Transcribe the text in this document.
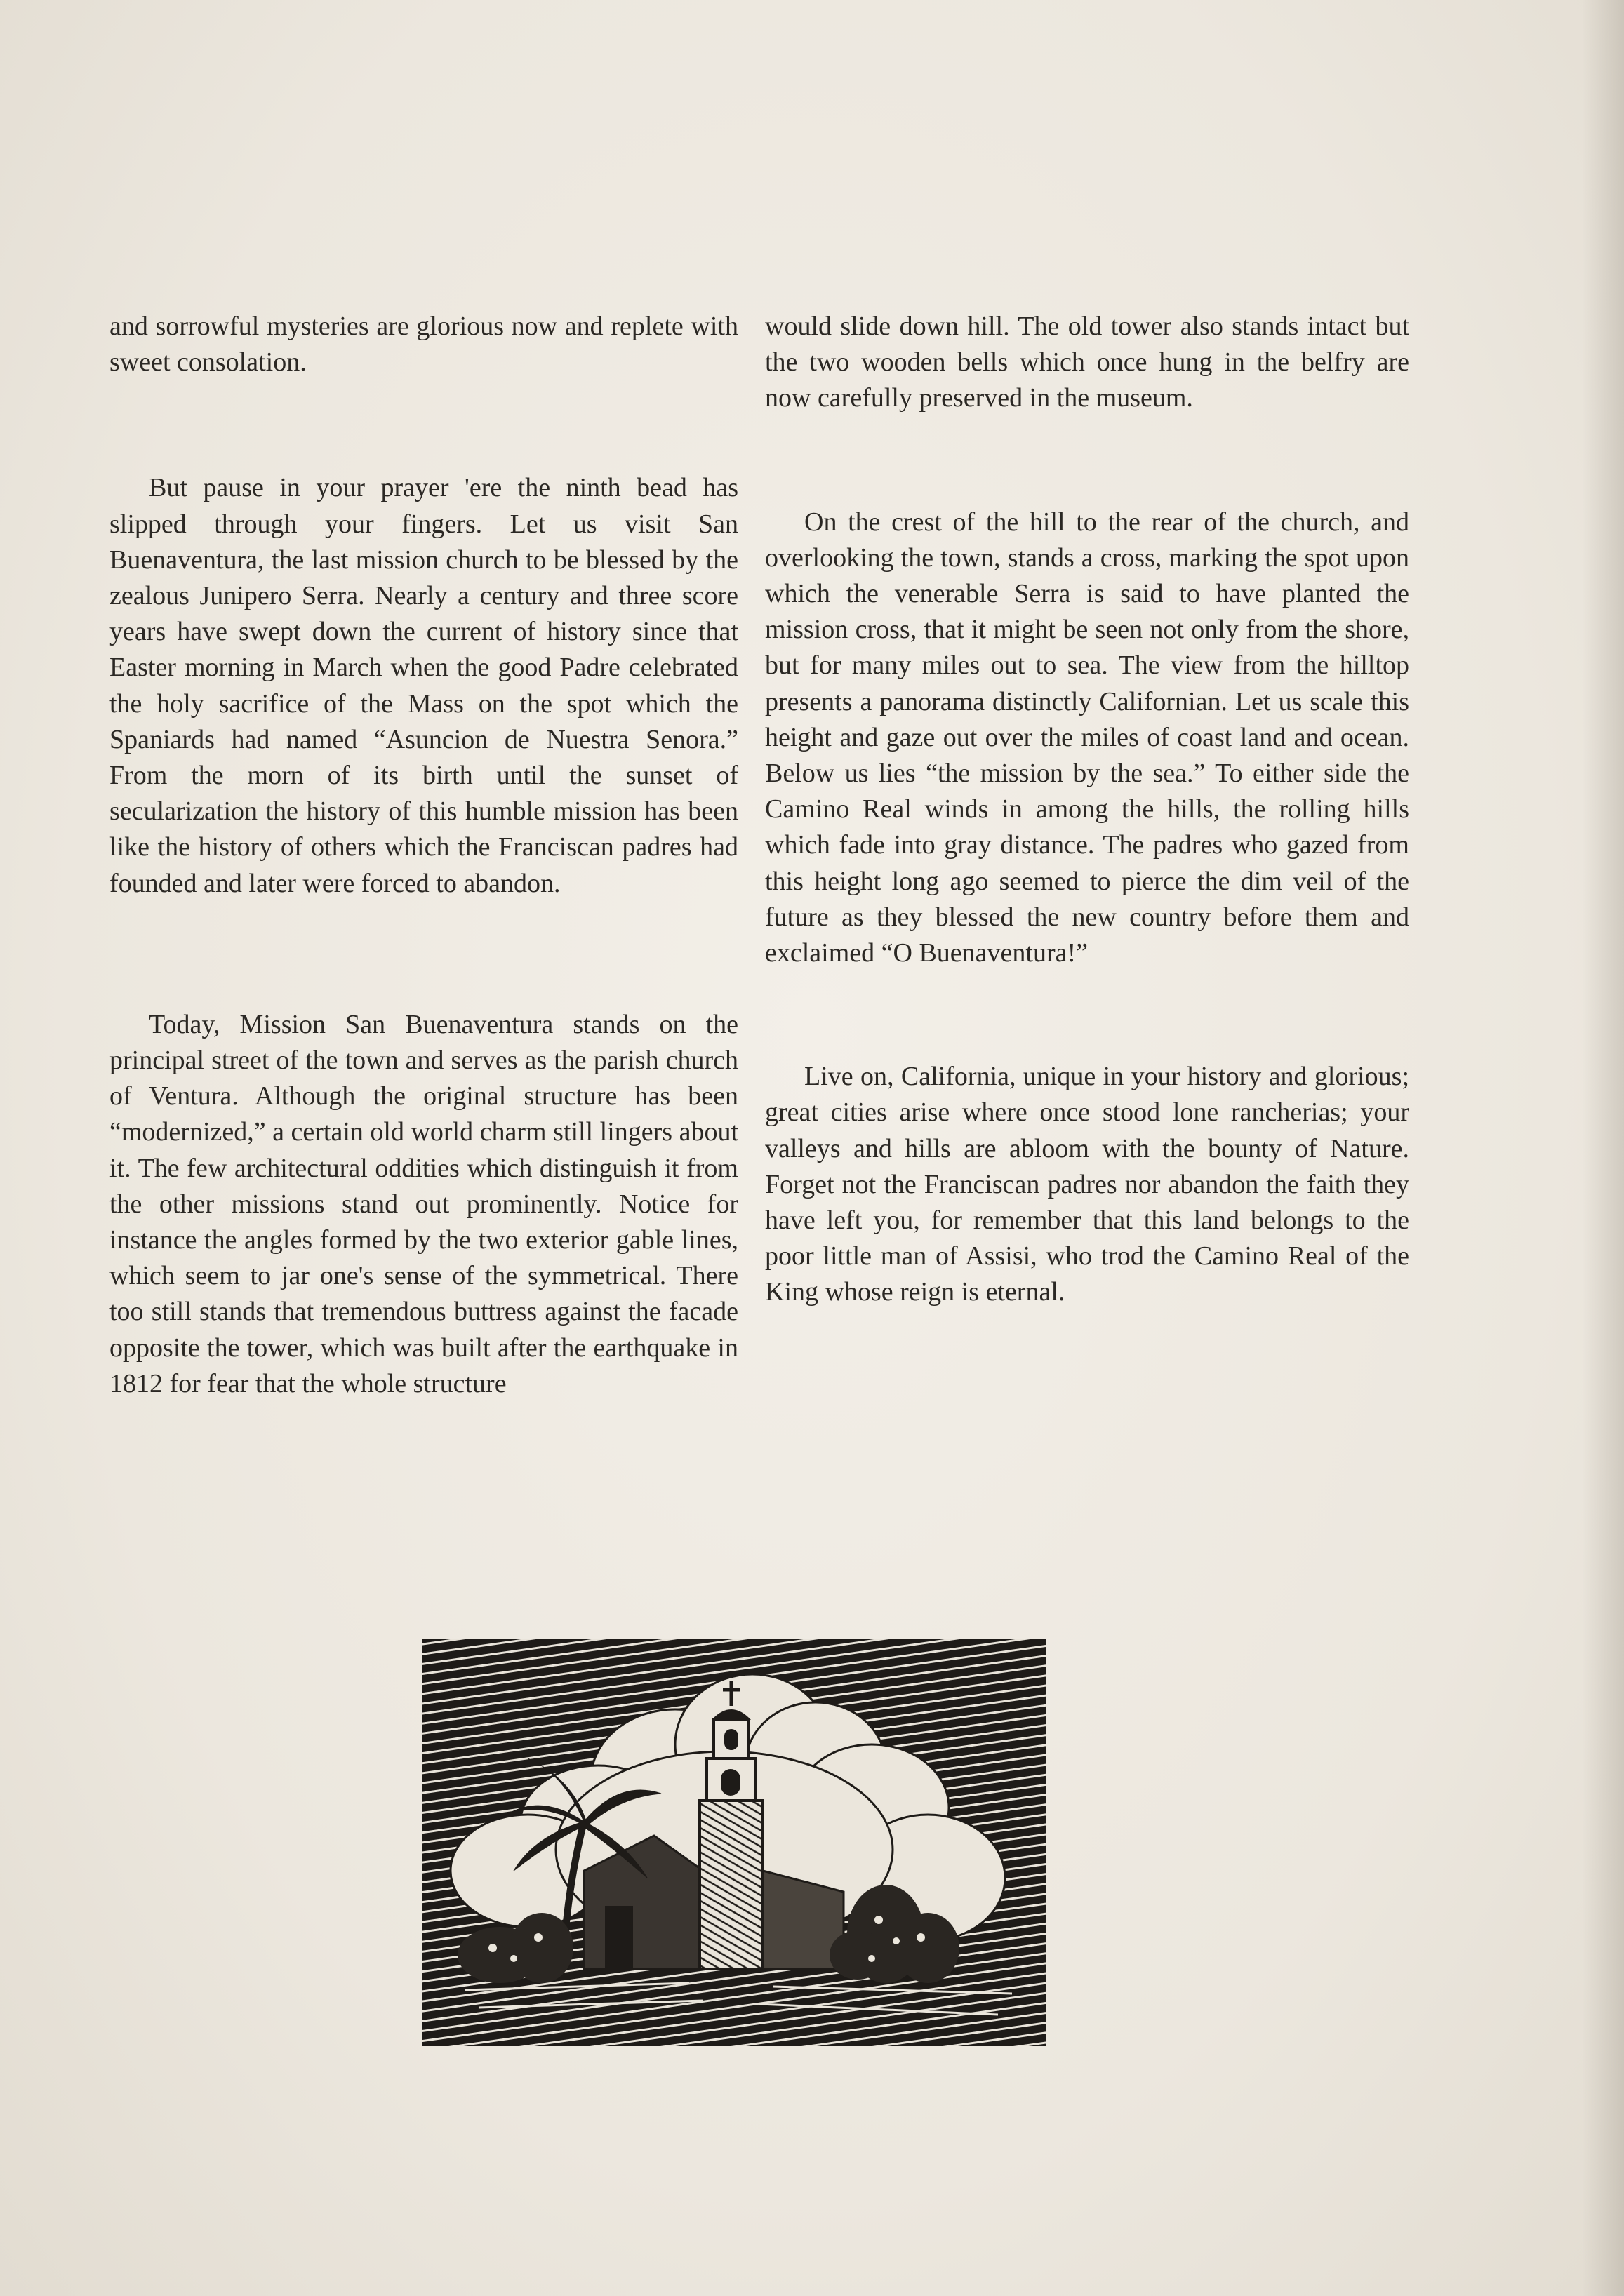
and sorrowful mysteries are glorious now and replete with sweet consolation.

But pause in your prayer 'ere the ninth bead has slipped through your fingers. Let us visit San Buenaventura, the last mission church to be blessed by the zealous Junipero Serra. Nearly a century and three score years have swept down the current of history since that Easter morning in March when the good Padre celebrated the holy sacrifice of the Mass on the spot which the Spaniards had named “Asuncion de Nuestra Senora.” From the morn of its birth until the sunset of secularization the history of this humble mission has been like the history of others which the Franciscan padres had founded and later were forced to abandon.

Today, Mission San Buenaventura stands on the principal street of the town and serves as the parish church of Ventura. Although the original structure has been “modernized,” a certain old world charm still lingers about it. The few architectural oddities which distinguish it from the other missions stand out prominently. Notice for instance the angles formed by the two exterior gable lines, which seem to jar one's sense of the symmetrical. There too still stands that tremendous buttress against the facade opposite the tower, which was built after the earthquake in 1812 for fear that the whole structure

would slide down hill. The old tower also stands intact but the two wooden bells which once hung in the belfry are now carefully preserved in the museum.

On the crest of the hill to the rear of the church, and overlooking the town, stands a cross, marking the spot upon which the venerable Serra is said to have planted the mission cross, that it might be seen not only from the shore, but for many miles out to sea. The view from the hilltop presents a panorama distinctly Californian. Let us scale this height and gaze out over the miles of coast land and ocean. Below us lies “the mission by the sea.” To either side the Camino Real winds in among the hills, the rolling hills which fade into gray distance. The padres who gazed from this height long ago seemed to pierce the dim veil of the future as they blessed the new country before them and exclaimed “O Buenaventura!”

Live on, California, unique in your history and glorious; great cities arise where once stood lone rancherias; your valleys and hills are abloom with the bounty of Nature. Forget not the Franciscan padres nor abandon the faith they have left you, for remember that this land belongs to the poor little man of Assisi, who trod the Camino Real of the King whose reign is eternal.
